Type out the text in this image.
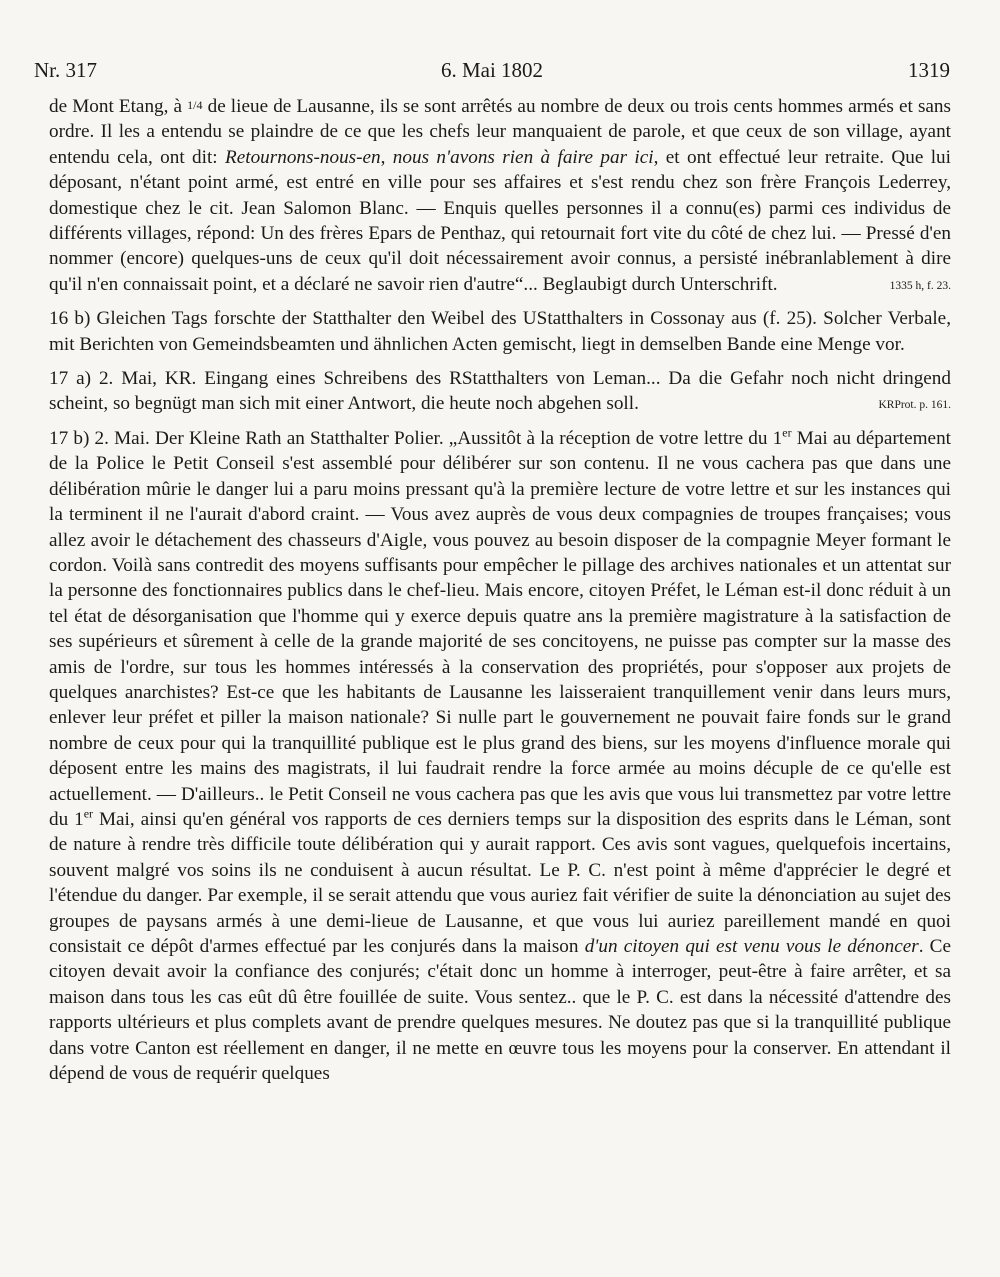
Nr. 317	6. Mai 1802	1319

de Mont Etang, à 1/4 de lieue de Lausanne, ils se sont arrêtés au nombre de deux ou trois cents hommes armés et sans ordre. Il les a entendu se plaindre de ce que les chefs leur manquaient de parole, et que ceux de son village, ayant entendu cela, ont dit: Retournons-nous-en, nous n'avons rien à faire par ici, et ont effectué leur retraite. Que lui déposant, n'étant point armé, est entré en ville pour ses affaires et s'est rendu chez son frère François Lederrey, domestique chez le cit. Jean Salomon Blanc. — Enquis quelles personnes il a connu(es) parmi ces individus de différents villages, répond: Un des frères Epars de Penthaz, qui retournait fort vite du côté de chez lui. — Pressé d'en nommer (encore) quelques-uns de ceux qu'il doit nécessairement avoir connus, a persisté inébranlablement à dire qu'il n'en connaissait point, et a déclaré ne savoir rien d'autre“... Beglaubigt durch Unterschrift.	1335 h, f. 23.

16 b) Gleichen Tags forschte der Statthalter den Weibel des UStatthalters in Cossonay aus (f. 25). Solcher Verbale, mit Berichten von Gemeindsbeamten und ähnlichen Acten gemischt, liegt in demselben Bande eine Menge vor.

17 a) 2. Mai, KR. Eingang eines Schreibens des RStatthalters von Leman... Da die Gefahr noch nicht dringend scheint, so begnügt man sich mit einer Antwort, die heute noch abgehen soll.	KRProt. p. 161.

17 b) 2. Mai. Der Kleine Rath an Statthalter Polier. „Aussitôt à la réception de votre lettre du 1er Mai au département de la Police le Petit Conseil s'est assemblé pour délibérer sur son contenu. Il ne vous cachera pas que dans une délibération mûrie le danger lui a paru moins pressant qu'à la première lecture de votre lettre et sur les instances qui la terminent il ne l'aurait d'abord craint. — Vous avez auprès de vous deux compagnies de troupes françaises; vous allez avoir le détachement des chasseurs d'Aigle, vous pouvez au besoin disposer de la compagnie Meyer formant le cordon. Voilà sans contredit des moyens suffisants pour empêcher le pillage des archives nationales et un attentat sur la personne des fonctionnaires publics dans le chef-lieu. Mais encore, citoyen Préfet, le Léman est-il donc réduit à un tel état de désorganisation que l'homme qui y exerce depuis quatre ans la première magistrature à la satisfaction de ses supérieurs et sûrement à celle de la grande majorité de ses concitoyens, ne puisse pas compter sur la masse des amis de l'ordre, sur tous les hommes intéressés à la conservation des propriétés, pour s'opposer aux projets de quelques anarchistes? Est-ce que les habitants de Lausanne les laisseraient tranquillement venir dans leurs murs, enlever leur préfet et piller la maison nationale? Si nulle part le gouvernement ne pouvait faire fonds sur le grand nombre de ceux pour qui la tranquillité publique est le plus grand des biens, sur les moyens d'influence morale qui déposent entre les mains des magistrats, il lui faudrait rendre la force armée au moins décuple de ce qu'elle est actuellement. — D'ailleurs.. le Petit Conseil ne vous cachera pas que les avis que vous lui transmettez par votre lettre du 1er Mai, ainsi qu'en général vos rapports de ces derniers temps sur la disposition des esprits dans le Léman, sont de nature à rendre très difficile toute délibération qui y aurait rapport. Ces avis sont vagues, quelquefois incertains, souvent malgré vos soins ils ne conduisent à aucun résultat. Le P. C. n'est point à même d'apprécier le degré et l'étendue du danger. Par exemple, il se serait attendu que vous auriez fait vérifier de suite la dénonciation au sujet des groupes de paysans armés à une demi-lieue de Lausanne, et que vous lui auriez pareillement mandé en quoi consistait ce dépôt d'armes effectué par les conjurés dans la maison d'un citoyen qui est venu vous le dénoncer. Ce citoyen devait avoir la confiance des conjurés; c'était donc un homme à interroger, peut-être à faire arrêter, et sa maison dans tous les cas eût dû être fouillée de suite. Vous sentez.. que le P. C. est dans la nécessité d'attendre des rapports ultérieurs et plus complets avant de prendre quelques mesures. Ne doutez pas que si la tranquillité publique dans votre Canton est réellement en danger, il ne mette en œuvre tous les moyens pour la conserver. En attendant il dépend de vous de requérir quelques
